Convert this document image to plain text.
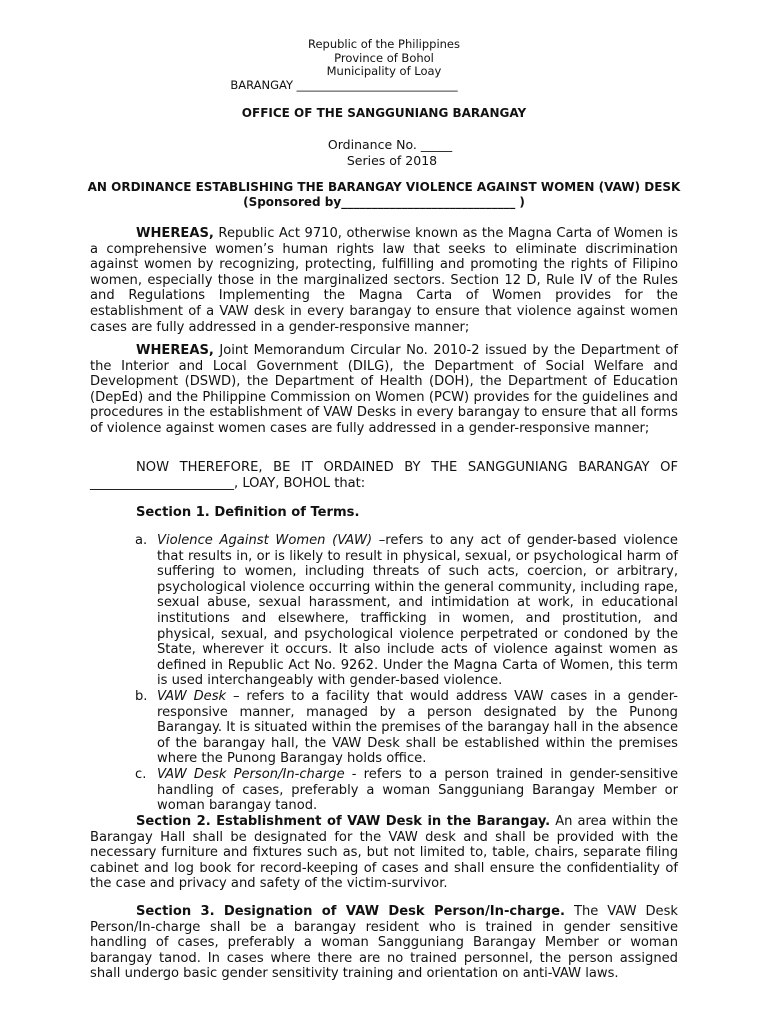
Republic of the Philippines
Province of Bohol
Municipality of Loay
BARANGAY ____________________________
OFFICE OF THE SANGGUNIANG BARANGAY
Ordinance No. _____
Series of 2018
AN ORDINANCE ESTABLISHING THE BARANGAY VIOLENCE AGAINST WOMEN (VAW) DESK
(Sponsored by_____________________________ )

WHEREAS, Republic Act 9710, otherwise known as the Magna Carta of Women is a comprehensive women’s human rights law that seeks to eliminate discrimination against women by recognizing, protecting, fulfilling and promoting the rights of Filipino women, especially those in the marginalized sectors. Section 12 D, Rule IV of the Rules and Regulations Implementing the Magna Carta of Women provides for the establishment of a VAW desk in every barangay to ensure that violence against women cases are fully addressed in a gender-responsive manner;

WHEREAS, Joint Memorandum Circular No. 2010-2 issued by the Department of the Interior and Local Government (DILG), the Department of Social Welfare and Development (DSWD), the Department of Health (DOH), the Department of Education (DepEd) and the Philippine Commission on Women (PCW) provides for the guidelines and procedures in the establishment of VAW Desks in every barangay to ensure that all forms of violence against women cases are fully addressed in a gender-responsive manner;

NOW THEREFORE, BE IT ORDAINED BY THE SANGGUNIANG BARANGAY OF ______________________, LOAY, BOHOL that:

Section 1. Definition of Terms.
a. Violence Against Women (VAW) –refers to any act of gender-based violence that results in, or is likely to result in physical, sexual, or psychological harm of suffering to women, including threats of such acts, coercion, or arbitrary, psychological violence occurring within the general community, including rape, sexual abuse, sexual harassment, and intimidation at work, in educational institutions and elsewhere, trafficking in women, and prostitution, and physical, sexual, and psychological violence perpetrated or condoned by the State, wherever it occurs. It also include acts of violence against women as defined in Republic Act No. 9262. Under the Magna Carta of Women, this term is used interchangeably with gender-based violence.
b. VAW Desk – refers to a facility that would address VAW cases in a gender-responsive manner, managed by a person designated by the Punong Barangay. It is situated within the premises of the barangay hall in the absence of the barangay hall, the VAW Desk shall be established within the premises where the Punong Barangay holds office.
c. VAW Desk Person/In-charge - refers to a person trained in gender-sensitive handling of cases, preferably a woman Sangguniang Barangay Member or woman barangay tanod.

Section 2. Establishment of VAW Desk in the Barangay. An area within the Barangay Hall shall be designated for the VAW desk and shall be provided with the necessary furniture and fixtures such as, but not limited to, table, chairs, separate filing cabinet and log book for record-keeping of cases and shall ensure the confidentiality of the case and privacy and safety of the victim-survivor.

Section 3. Designation of VAW Desk Person/In-charge. The VAW Desk Person/In-charge shall be a barangay resident who is trained in gender sensitive handling of cases, preferably a woman Sangguniang Barangay Member or woman barangay tanod. In cases where there are no trained personnel, the person assigned shall undergo basic gender sensitivity training and orientation on anti-VAW laws.
